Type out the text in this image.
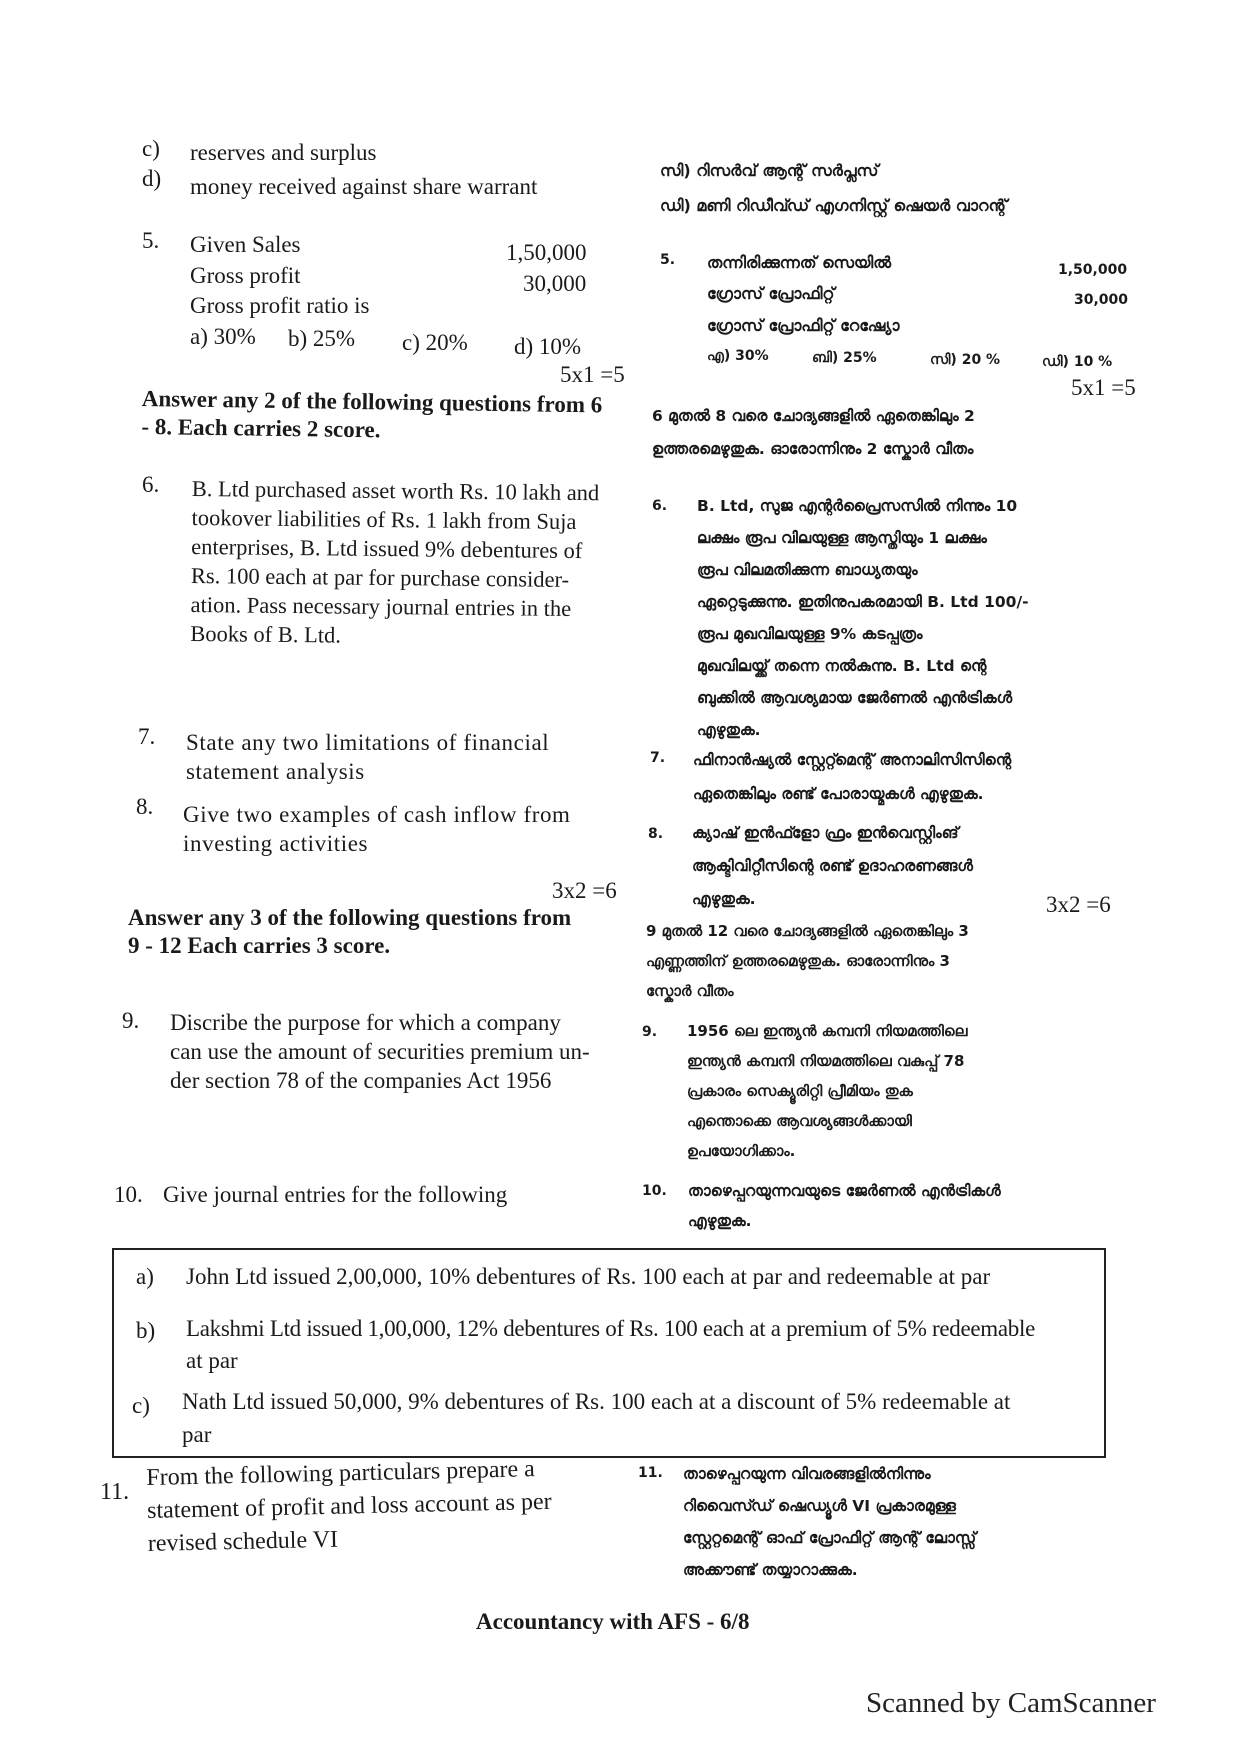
c) reserves and surplus
d) money received against share warrant
5. Given Sales	1,50,000
Gross profit	30,000
Gross profit ratio is
a) 30% b) 25% c) 20% d) 10%
5x1 =5
Answer any 2 of the following questions from 6
- 8. Each carries 2 score.
6. B. Ltd purchased asset worth Rs. 10 lakh and
tookover liabilities of Rs. 1 lakh from Suja
enterprises, B. Ltd issued 9% debentures of
Rs. 100 each at par for purchase consider-
ation. Pass necessary journal entries in the
Books of B. Ltd.
7. State any two limitations of financial
statement analysis
8. Give two examples of cash inflow from
investing activities
3x2 =6
Answer any 3 of the following questions from
9 - 12 Each carries 3 score.
9. Discribe the purpose for which a company
can use the amount of securities premium un-
der section 78 of the companies Act 1956
10. Give journal entries for the following
11.
From the following particulars prepare a
statement of profit and loss account as per
revised schedule VI
സി) റിസർവ് ആന്റ് സർപ്ലസ്
ഡി) മണി റിഡീവ്ഡ് എഗനിസ്റ്റ് ഷെയർ വാറന്റ്
5. തന്നിരിക്കുന്നത് സെയിൽ	1,50,000
ഗ്രോസ് പ്രോഫിറ്റ്	30,000
ഗ്രോസ് പ്രോഫിറ്റ് റേഷ്യോ
എ) 30%	ബി) 25%	സി) 20 %	ഡി) 10 %
5x1 =5
6 മുതൽ 8 വരെ ചോദ്യങ്ങളിൽ ഏതെങ്കിലും 2
ഉത്തരമെഴുതുക. ഓരോന്നിനും 2 സ്കോർ വീതം
6. B. Ltd, സുജ എന്റർപ്രൈസസിൽ നിന്നും 10
ലക്ഷം രൂപ വിലയുള്ള ആസ്തിയും 1 ലക്ഷം
രൂപ വിലമതിക്കുന്ന ബാധ്യതയും
ഏറ്റെടുക്കുന്നു. ഇതിനുപകരമായി B. Ltd 100/-
രൂപ മുഖവിലയുള്ള 9% കടപ്പത്രം
മുഖവിലയ്ക്ക് തന്നെ നൽകുന്നു. B. Ltd ന്റെ
ബുക്കിൽ ആവശ്യമായ ജേർണൽ എൻട്രികൾ
എഴുതുക.
7. ഫിനാൻഷ്യൽ സ്റ്റേറ്റ്മെന്റ് അനാലിസിസിന്റെ
ഏതെങ്കിലും രണ്ട് പോരായ്മകൾ എഴുതുക.
8. ക്യാഷ് ഇൻഫ്ളോ ഫ്രം ഇൻവെസ്റ്റിംങ്
ആക്ടിവിറ്റീസിന്റെ രണ്ട് ഉദാഹരണങ്ങൾ
എഴുതുക.	3x2 =6
9 മുതൽ 12 വരെ ചോദ്യങ്ങളിൽ ഏതെങ്കിലും 3
എണ്ണത്തിന് ഉത്തരമെഴുതുക. ഓരോന്നിനും 3
സ്കോർ വീതം
9. 1956 ലെ ഇന്ത്യൻ കമ്പനി നിയമത്തിലെ
ഇന്ത്യൻ കമ്പനി നിയമത്തിലെ വകുപ്പ് 78
പ്രകാരം സെക്യൂരിറ്റി പ്രീമിയം തുക
എന്തൊക്കെ ആവശ്യങ്ങൾക്കായി
ഉപയോഗിക്കാം.
10. താഴെപ്പറയുന്നവയുടെ ജേർണൽ എൻട്രികൾ
എഴുതുക.
11. താഴെപ്പറയുന്ന വിവരങ്ങളിൽനിന്നും
റിവൈസ്ഡ് ഷെഡ്യൂൾ VI പ്രകാരമുള്ള
സ്റ്റേറ്റമെന്റ് ഓഫ് പ്രോഫിറ്റ് ആന്റ് ലോസ്സ്
അക്കൗണ്ട് തയ്യാറാക്കുക.
a) John Ltd issued 2,00,000, 10% debentures of Rs. 100 each at par and redeemable at par
b) Lakshmi Ltd issued 1,00,000, 12% debentures of Rs. 100 each at a premium of 5% redeemable
at par
c) Nath Ltd issued 50,000, 9% debentures of Rs. 100 each at a discount of 5% redeemable at
par
Accountancy with AFS - 6/8
Scanned by CamScanner
